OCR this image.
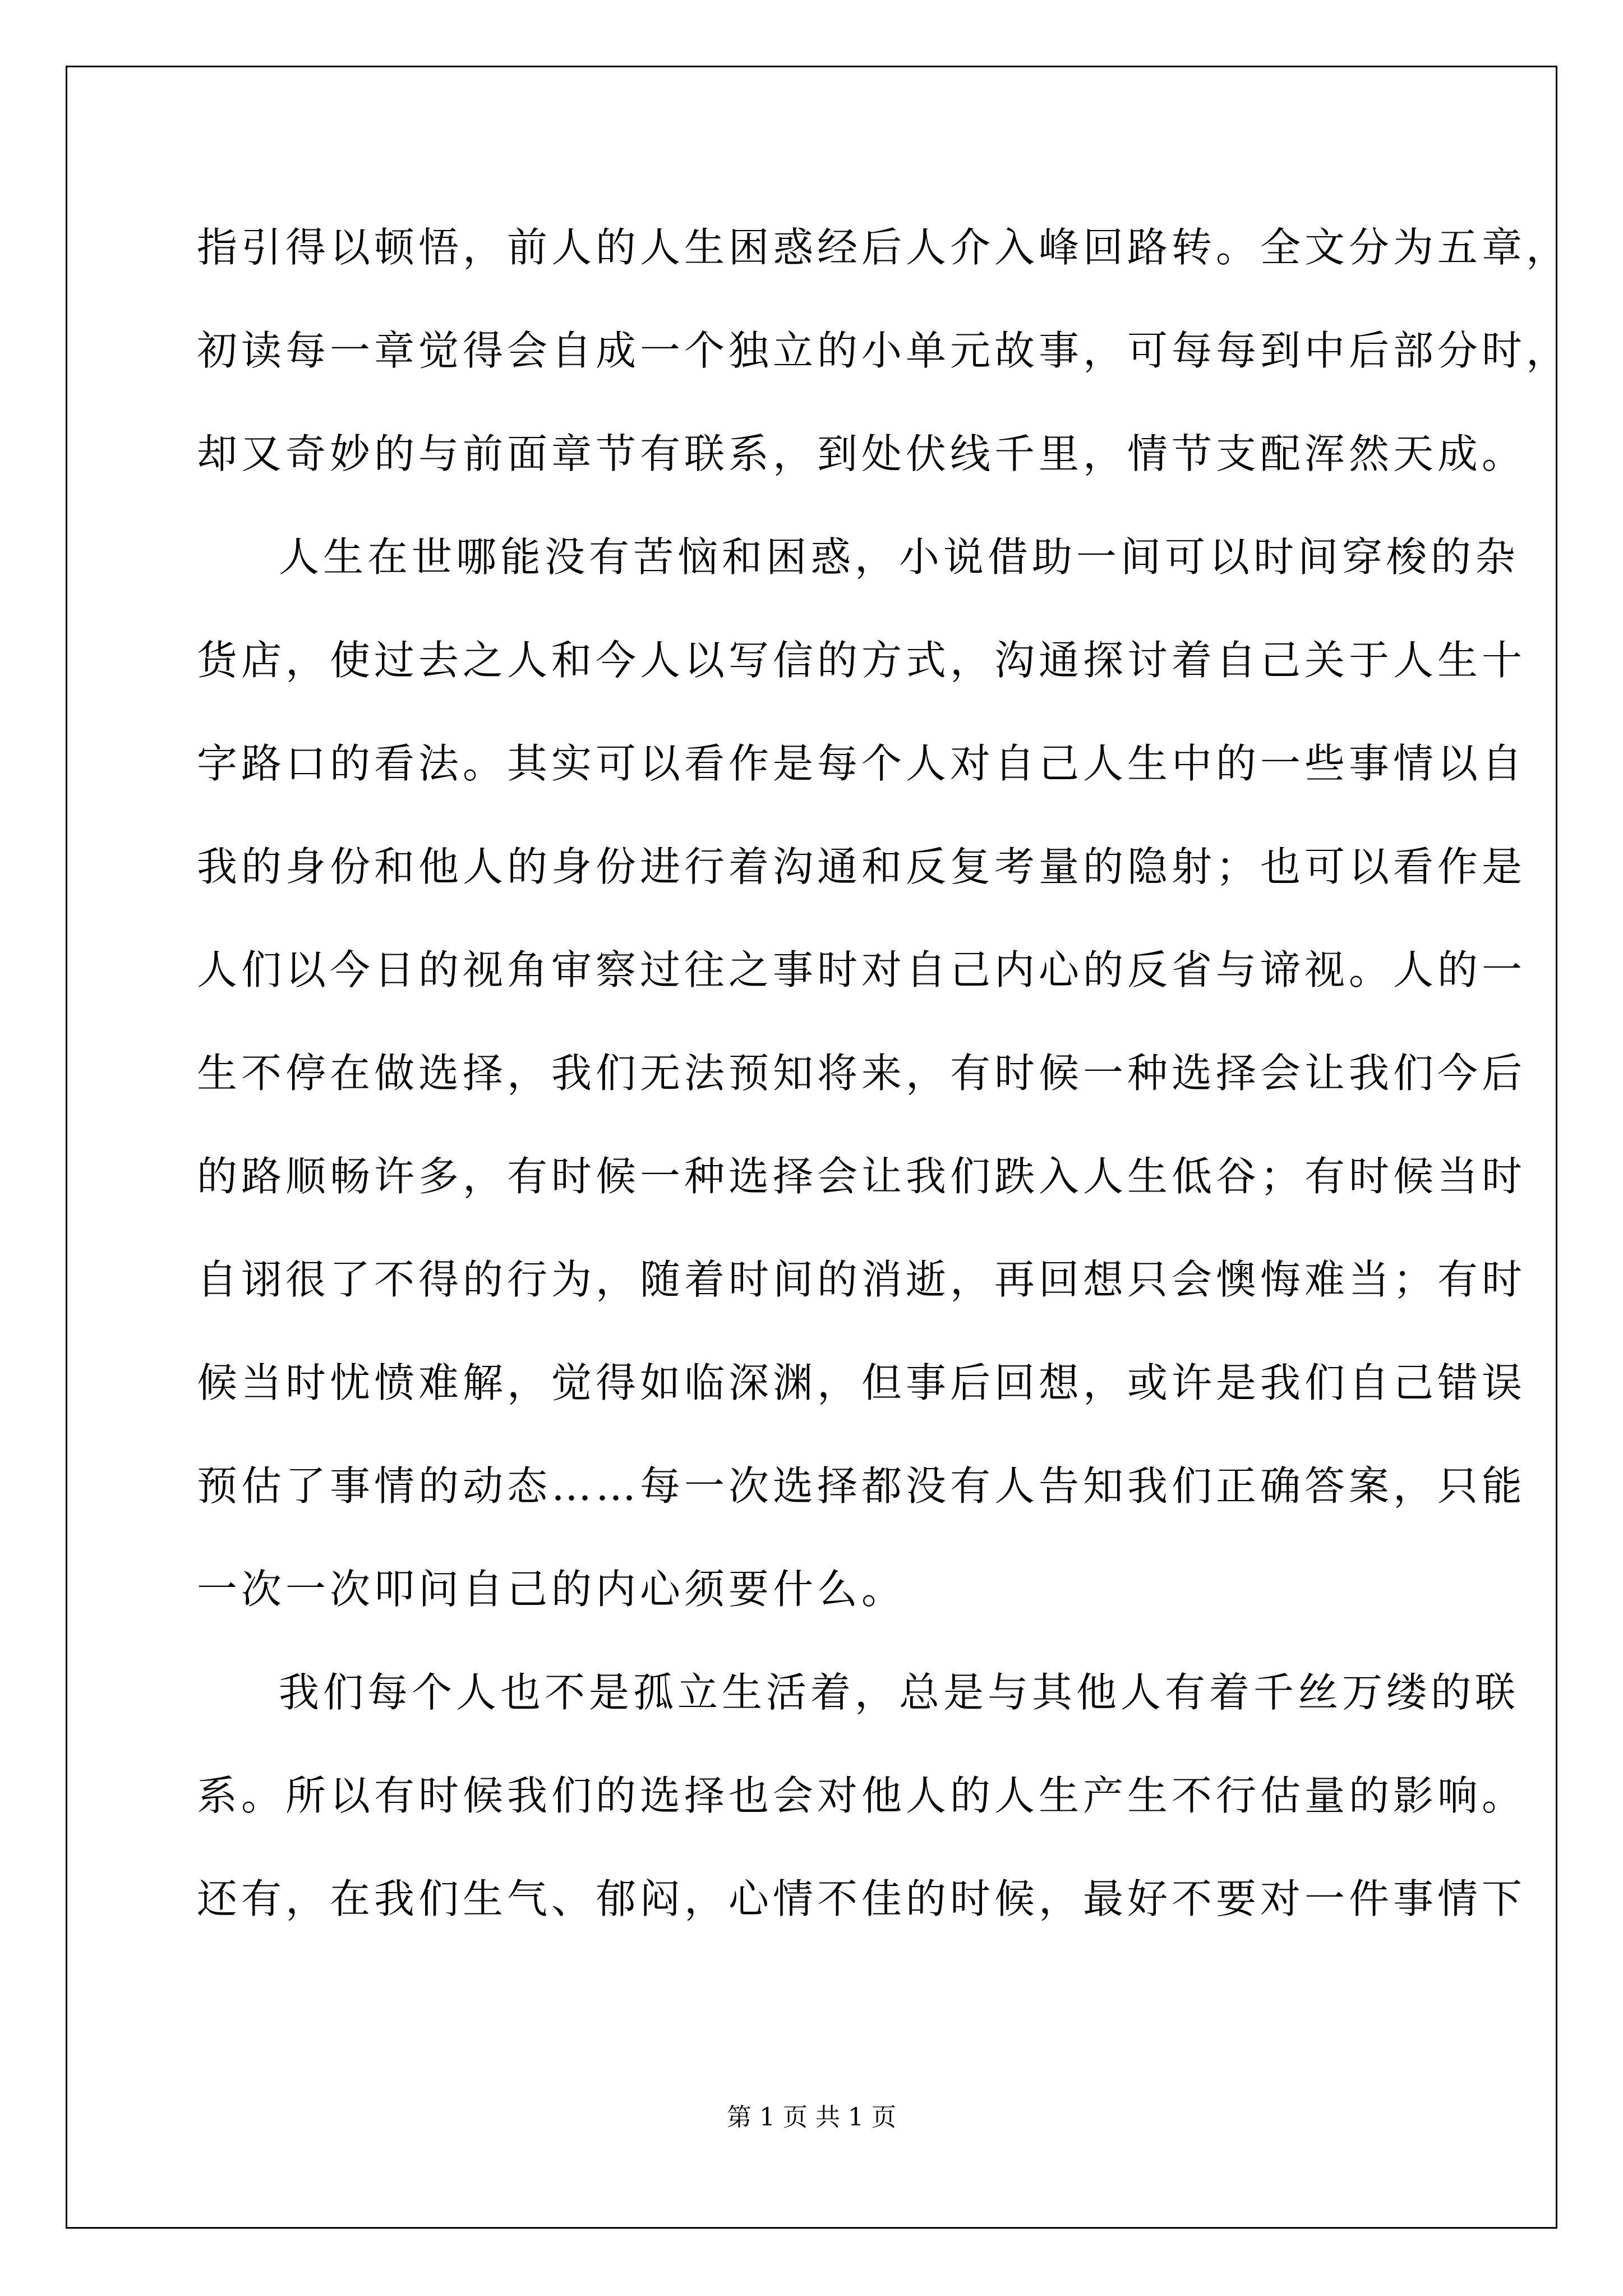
指引得以顿悟，前人的人生困惑经后人介入峰回路转。全文分为五章，
初读每一章觉得会自成一个独立的小单元故事，可每每到中后部分时，
却又奇妙的与前面章节有联系，到处伏线千里，情节支配浑然天成。
人生在世哪能没有苦恼和困惑，小说借助一间可以时间穿梭的杂
货店，使过去之人和今人以写信的方式，沟通探讨着自己关于人生十
字路口的看法。其实可以看作是每个人对自己人生中的一些事情以自
我的身份和他人的身份进行着沟通和反复考量的隐射；也可以看作是
人们以今日的视角审察过往之事时对自己内心的反省与谛视。人的一
生不停在做选择，我们无法预知将来，有时候一种选择会让我们今后
的路顺畅许多，有时候一种选择会让我们跌入人生低谷；有时候当时
自诩很了不得的行为，随着时间的消逝，再回想只会懊悔难当；有时
候当时忧愤难解，觉得如临深渊，但事后回想，或许是我们自己错误
预估了事情的动态……每一次选择都没有人告知我们正确答案，只能
一次一次叩问自己的内心须要什么。
我们每个人也不是孤立生活着，总是与其他人有着千丝万缕的联
系。所以有时候我们的选择也会对他人的人生产生不行估量的影响。
还有，在我们生气、郁闷，心情不佳的时候，最好不要对一件事情下
第 1 页 共 1 页
